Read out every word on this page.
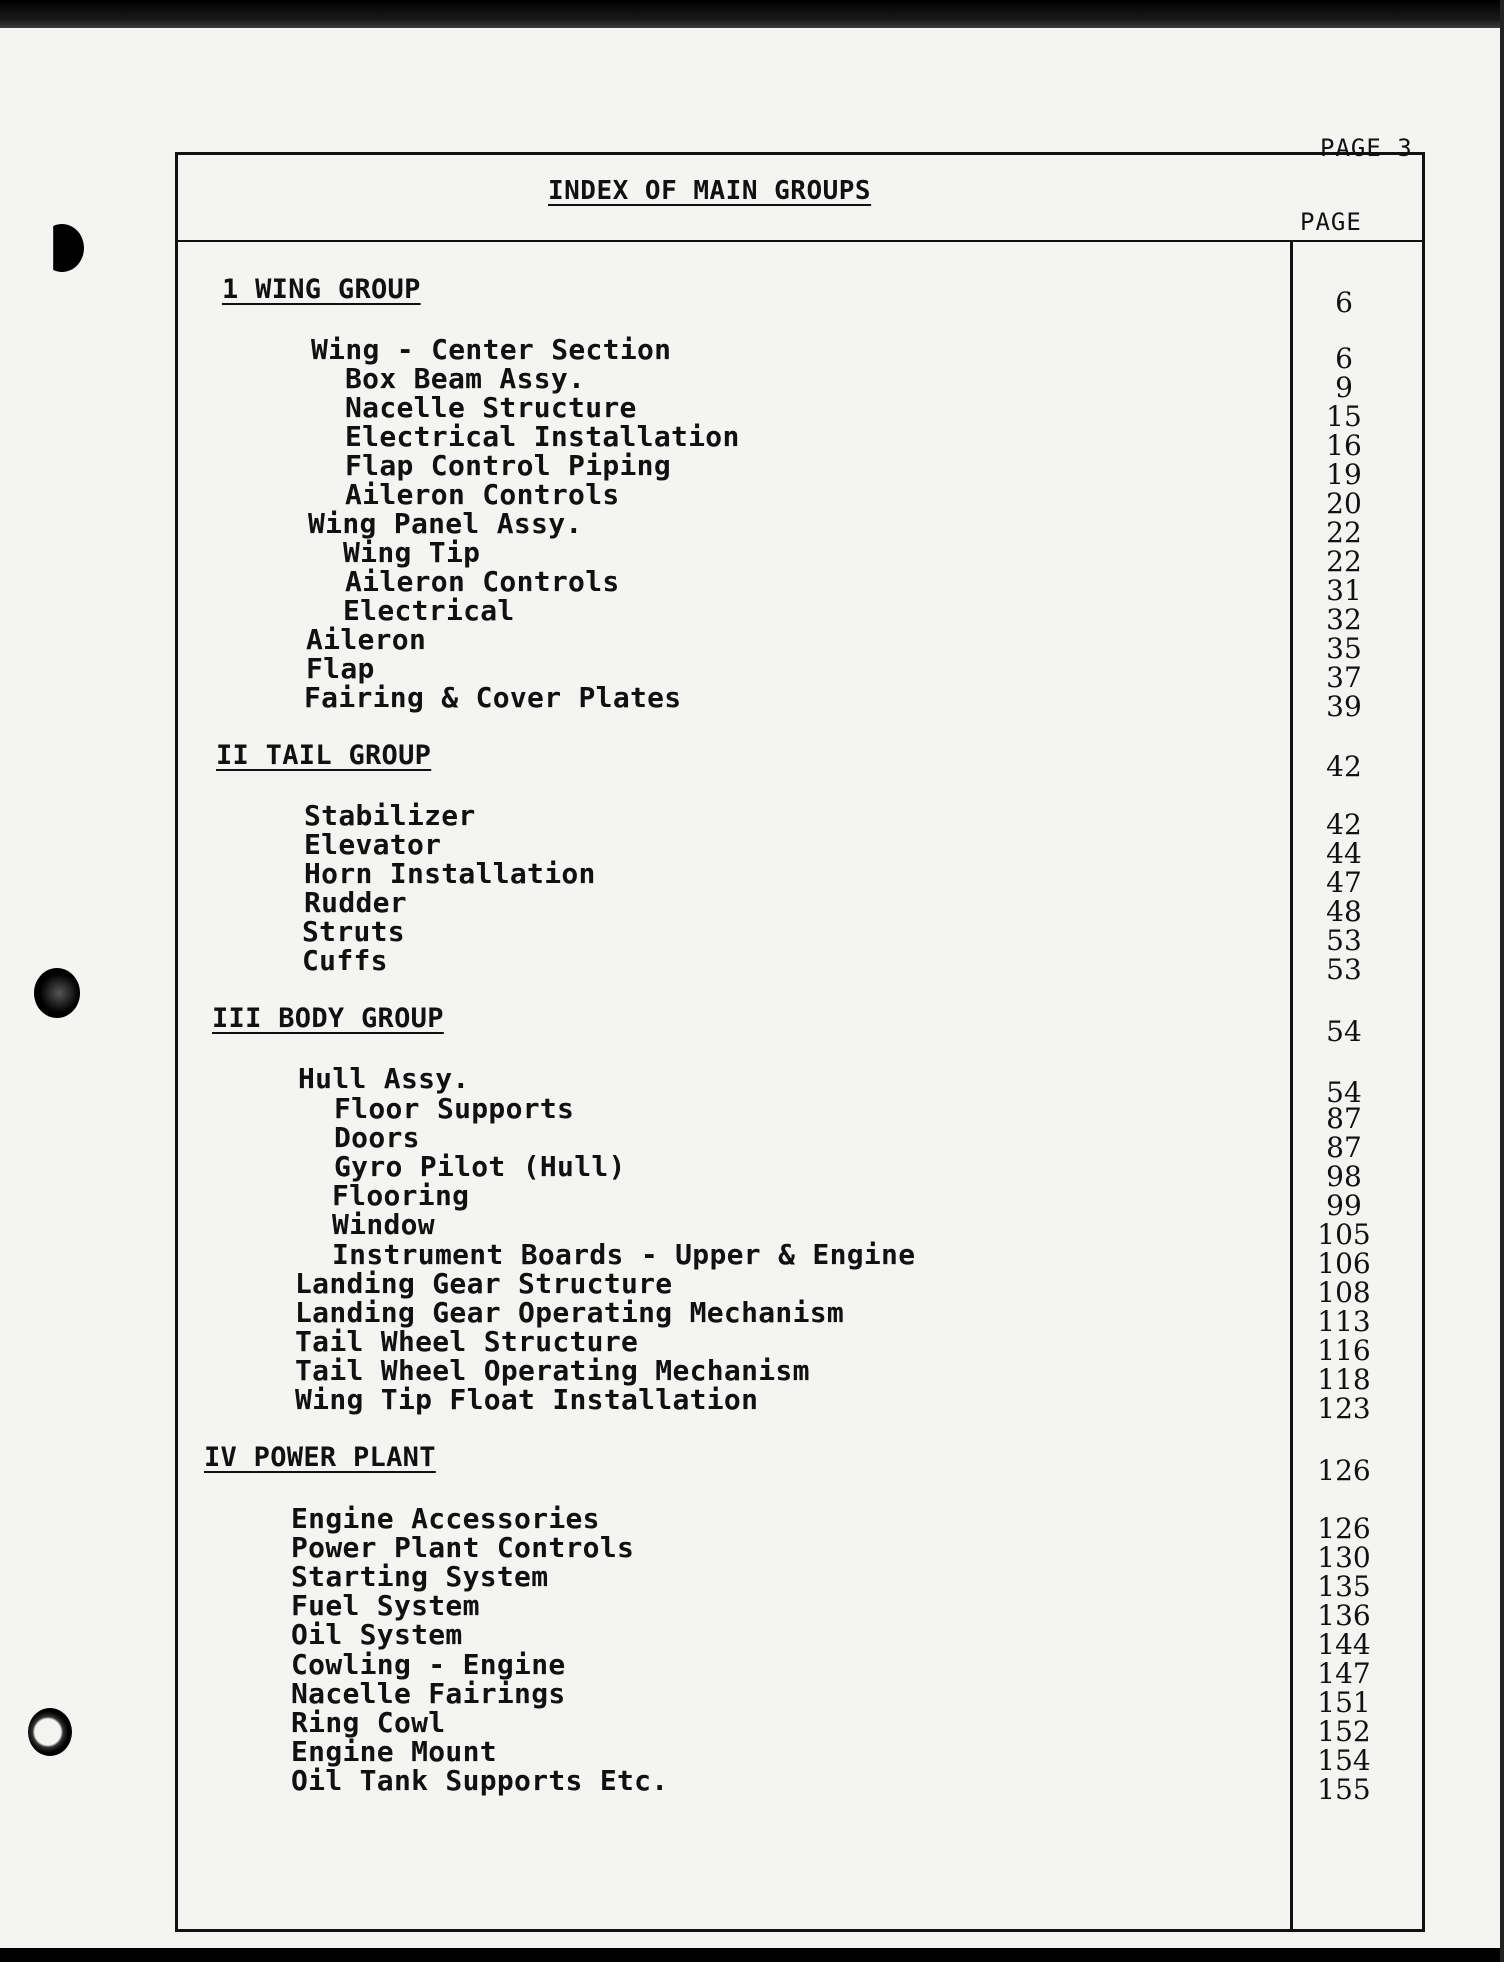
PAGE 3
INDEX OF MAIN GROUPS
PAGE
1 WING GROUP	6
Wing - Center Section	6
Box Beam Assy.	9
Nacelle Structure	15
Electrical Installation	16
Flap Control Piping	19
Aileron Controls	20
Wing Panel Assy.	22
Wing Tip	22
Aileron Controls	31
Electrical	32
Aileron	35
Flap	37
Fairing & Cover Plates	39
II TAIL GROUP	42
Stabilizer	42
Elevator	44
Horn Installation	47
Rudder	48
Struts	53
Cuffs	53
III BODY GROUP	54
Hull Assy.	54
Floor Supports	87
Doors	87
Gyro Pilot (Hull)	98
Flooring	99
Window	105
Instrument Boards - Upper & Engine	106
Landing Gear Structure	108
Landing Gear Operating Mechanism	113
Tail Wheel Structure	116
Tail Wheel Operating Mechanism	118
Wing Tip Float Installation	123
IV POWER PLANT	126
Engine Accessories	126
Power Plant Controls	130
Starting System	135
Fuel System	136
Oil System	144
Cowling - Engine	147
Nacelle Fairings	151
Ring Cowl	152
Engine Mount	154
Oil Tank Supports Etc.	155
